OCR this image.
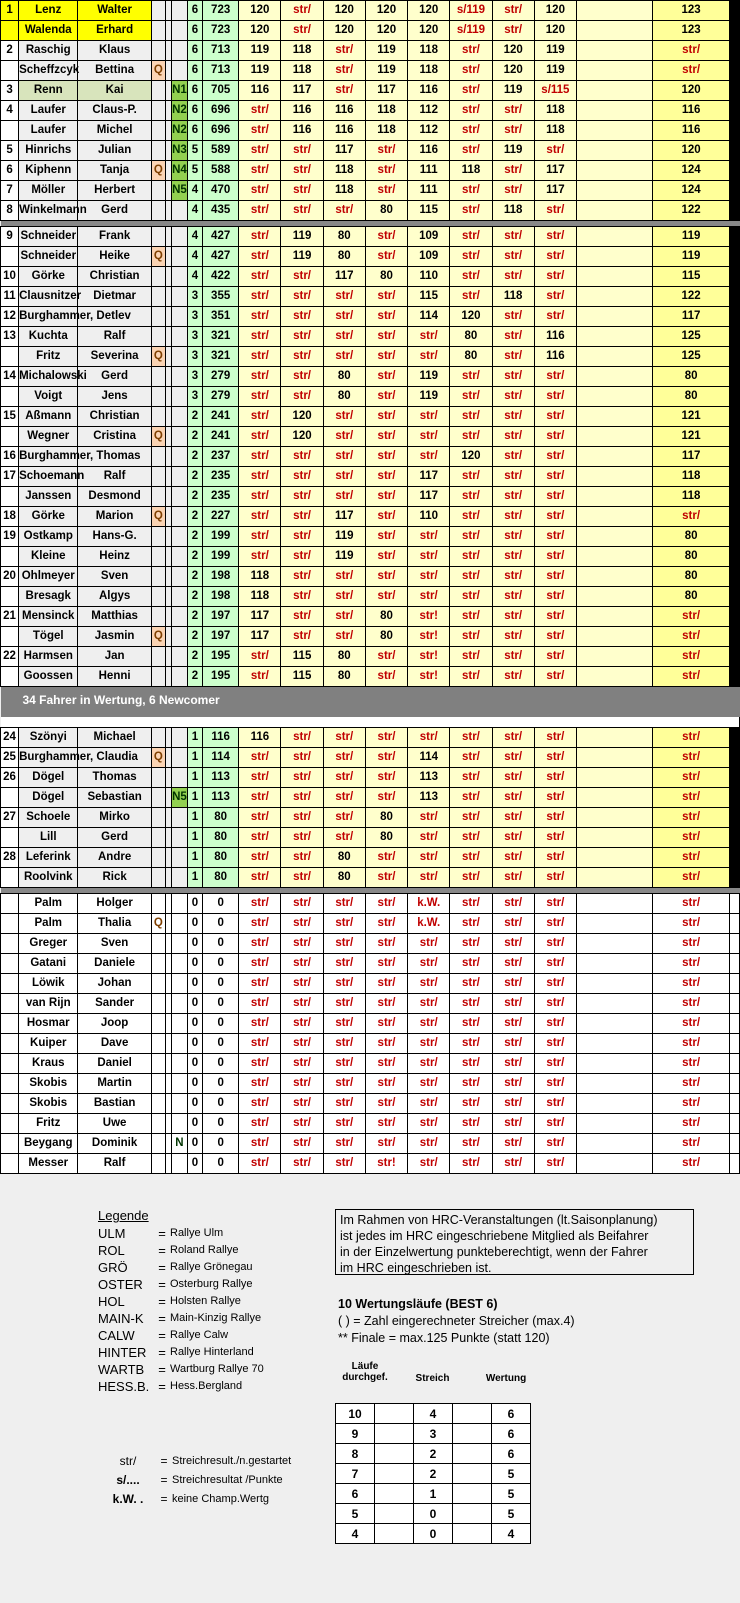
1	Lenz	Walter				6	723	120	str/	120	120	120	s/119	str/	120		123	
	Walenda	Erhard				6	723	120	str/	120	120	120	s/119	str/	120		123	
2	Raschig	Klaus				6	713	119	118	str/	119	118	str/	120	119		str/	
	Scheffzcyk	Bettina	Q			6	713	119	118	str/	119	118	str/	120	119		str/	
3	Renn	Kai			N1	6	705	116	117	str/	117	116	str/	119	s/115		120	
4	Laufer	Claus-P.			N2	6	696	str/	116	116	118	112	str/	str/	118		116	
	Laufer	Michel			N2	6	696	str/	116	116	118	112	str/	str/	118		116	
5	Hinrichs	Julian			N3	5	589	str/	str/	117	str/	116	str/	119	str/		120	
6	Kiphenn	Tanja	Q		N4	5	588	str/	str/	118	str/	111	118	str/	117		124	
7	Möller	Herbert			N5	4	470	str/	str/	118	str/	111	str/	str/	117		124	
8	Winkelmann	Gerd				4	435	str/	str/	str/	80	115	str/	118	str/		122	

9	Schneider	Frank				4	427	str/	119	80	str/	109	str/	str/	str/		119	
	Schneider	Heike	Q			4	427	str/	119	80	str/	109	str/	str/	str/		119	
10	Görke	Christian				4	422	str/	str/	117	80	110	str/	str/	str/		115	
11	Clausnitzer	Dietmar				3	355	str/	str/	str/	str/	115	str/	118	str/		122	
12	Burghammer, Detlev					3	351	str/	str/	str/	str/	114	120	str/	str/		117	
13	Kuchta	Ralf				3	321	str/	str/	str/	str/	str/	80	str/	116		125	
	Fritz	Severina	Q			3	321	str/	str/	str/	str/	str/	80	str/	116		125	
14	Michalowski	Gerd				3	279	str/	str/	80	str/	119	str/	str/	str/		80	
	Voigt	Jens				3	279	str/	str/	80	str/	119	str/	str/	str/		80	
15	Aßmann	Christian				2	241	str/	120	str/	str/	str/	str/	str/	str/		121	
	Wegner	Cristina	Q			2	241	str/	120	str/	str/	str/	str/	str/	str/		121	
16	Burghammer, Thomas					2	237	str/	str/	str/	str/	str/	120	str/	str/		117	
17	Schoemann	Ralf				2	235	str/	str/	str/	str/	117	str/	str/	str/		118	
	Janssen	Desmond				2	235	str/	str/	str/	str/	117	str/	str/	str/		118	
18	Görke	Marion	Q			2	227	str/	str/	117	str/	110	str/	str/	str/		str/	
19	Ostkamp	Hans-G.				2	199	str/	str/	119	str/	str/	str/	str/	str/		80	
	Kleine	Heinz				2	199	str/	str/	119	str/	str/	str/	str/	str/		80	
20	Ohlmeyer	Sven				2	198	118	str/	str/	str/	str/	str/	str/	str/		80	
	Bresagk	Algys				2	198	118	str/	str/	str/	str/	str/	str/	str/		80	
21	Mensinck	Matthias				2	197	117	str/	str/	80	str!	str/	str/	str/		str/	
	Tögel	Jasmin	Q			2	197	117	str/	str/	80	str!	str/	str/	str/		str/	
22	Harmsen	Jan				2	195	str/	115	80	str/	str!	str/	str/	str/		str/	
	Goossen	Henni				2	195	str/	115	80	str/	str!	str/	str/	str/		str/	
34 Fahrer in Wertung, 6 Newcomer																		

24	Szönyi	Michael				1	116	116	str/	str/	str/	str/	str/	str/	str/		str/	
25	Burghammer, Claudia		Q			1	114	str/	str/	str/	str/	114	str/	str/	str/		str/	
26	Dögel	Thomas				1	113	str/	str/	str/	str/	113	str/	str/	str/		str/	
	Dögel	Sebastian			N5	1	113	str/	str/	str/	str/	113	str/	str/	str/		str/	
27	Schoele	Mirko				1	80	str/	str/	str/	80	str/	str/	str/	str/		str/	
	Lill	Gerd				1	80	str/	str/	str/	80	str/	str/	str/	str/		str/	
28	Leferink	Andre				1	80	str/	str/	80	str/	str/	str/	str/	str/		str/	
	Roolvink	Rick				1	80	str/	str/	80	str/	str/	str/	str/	str/		str/	

	Palm	Holger				0	0	str/	str/	str/	str/	k.W.	str/	str/	str/		str/	
	Palm	Thalia	Q			0	0	str/	str/	str/	str/	k.W.	str/	str/	str/		str/	
	Greger	Sven				0	0	str/	str/	str/	str/	str/	str/	str/	str/		str/	
	Gatani	Daniele				0	0	str/	str/	str/	str/	str/	str/	str/	str/		str/	
	Löwik	Johan				0	0	str/	str/	str/	str/	str/	str/	str/	str/		str/	
	van Rijn	Sander				0	0	str/	str/	str/	str/	str/	str/	str/	str/		str/	
	Hosmar	Joop				0	0	str/	str/	str/	str/	str/	str/	str/	str/		str/	
	Kuiper	Dave				0	0	str/	str/	str/	str/	str/	str/	str/	str/		str/	
	Kraus	Daniel				0	0	str/	str/	str/	str/	str/	str/	str/	str/		str/	
	Skobis	Martin				0	0	str/	str/	str/	str/	str/	str/	str/	str/		str/	
	Skobis	Bastian				0	0	str/	str/	str/	str/	str/	str/	str/	str/		str/	
	Fritz	Uwe				0	0	str/	str/	str/	str/	str/	str/	str/	str/		str/	
	Beygang	Dominik			N	0	0	str/	str/	str/	str/	str/	str/	str/	str/		str/	
	Messer	Ralf				0	0	str/	str/	str/	str!	str/	str/	str/	str/		str/	
Legende
ULM	= Rallye Ulm
ROL	= Roland Rallye
GRÖ	= Rallye Grönegau
OSTER	= Osterburg Rallye
HOL	= Holsten Rallye
MAIN-K	= Main-Kinzig Rallye
CALW	= Rallye Calw
HINTER = Rallye Hinterland
WARTB	= Wartburg Rallye 70
HESS.B. = Hess.Bergland
str/	= Streichresult./n.gestartet
s/....	= Streichresultat /Punkte
k.W. .	= keine Champ.Wertg
Im Rahmen von HRC-Veranstaltungen (lt.Saisonplanung)
ist jedes im HRC eingeschriebene Mitglied als Beifahrer
in der Einzelwertung punkteberechtigt, wenn der Fahrer
im HRC eingeschrieben ist.
10 Wertungsläufe (BEST 6)
( ) = Zahl eingerechneter Streicher (max.4)
** Finale = max.125 Punkte (statt 120)
Läufe
durchgef.	Streich	Wertung
10		4		6
9		3		6
8		2		6
7		2		5
6		1		5
5		0		5
4		0		4
